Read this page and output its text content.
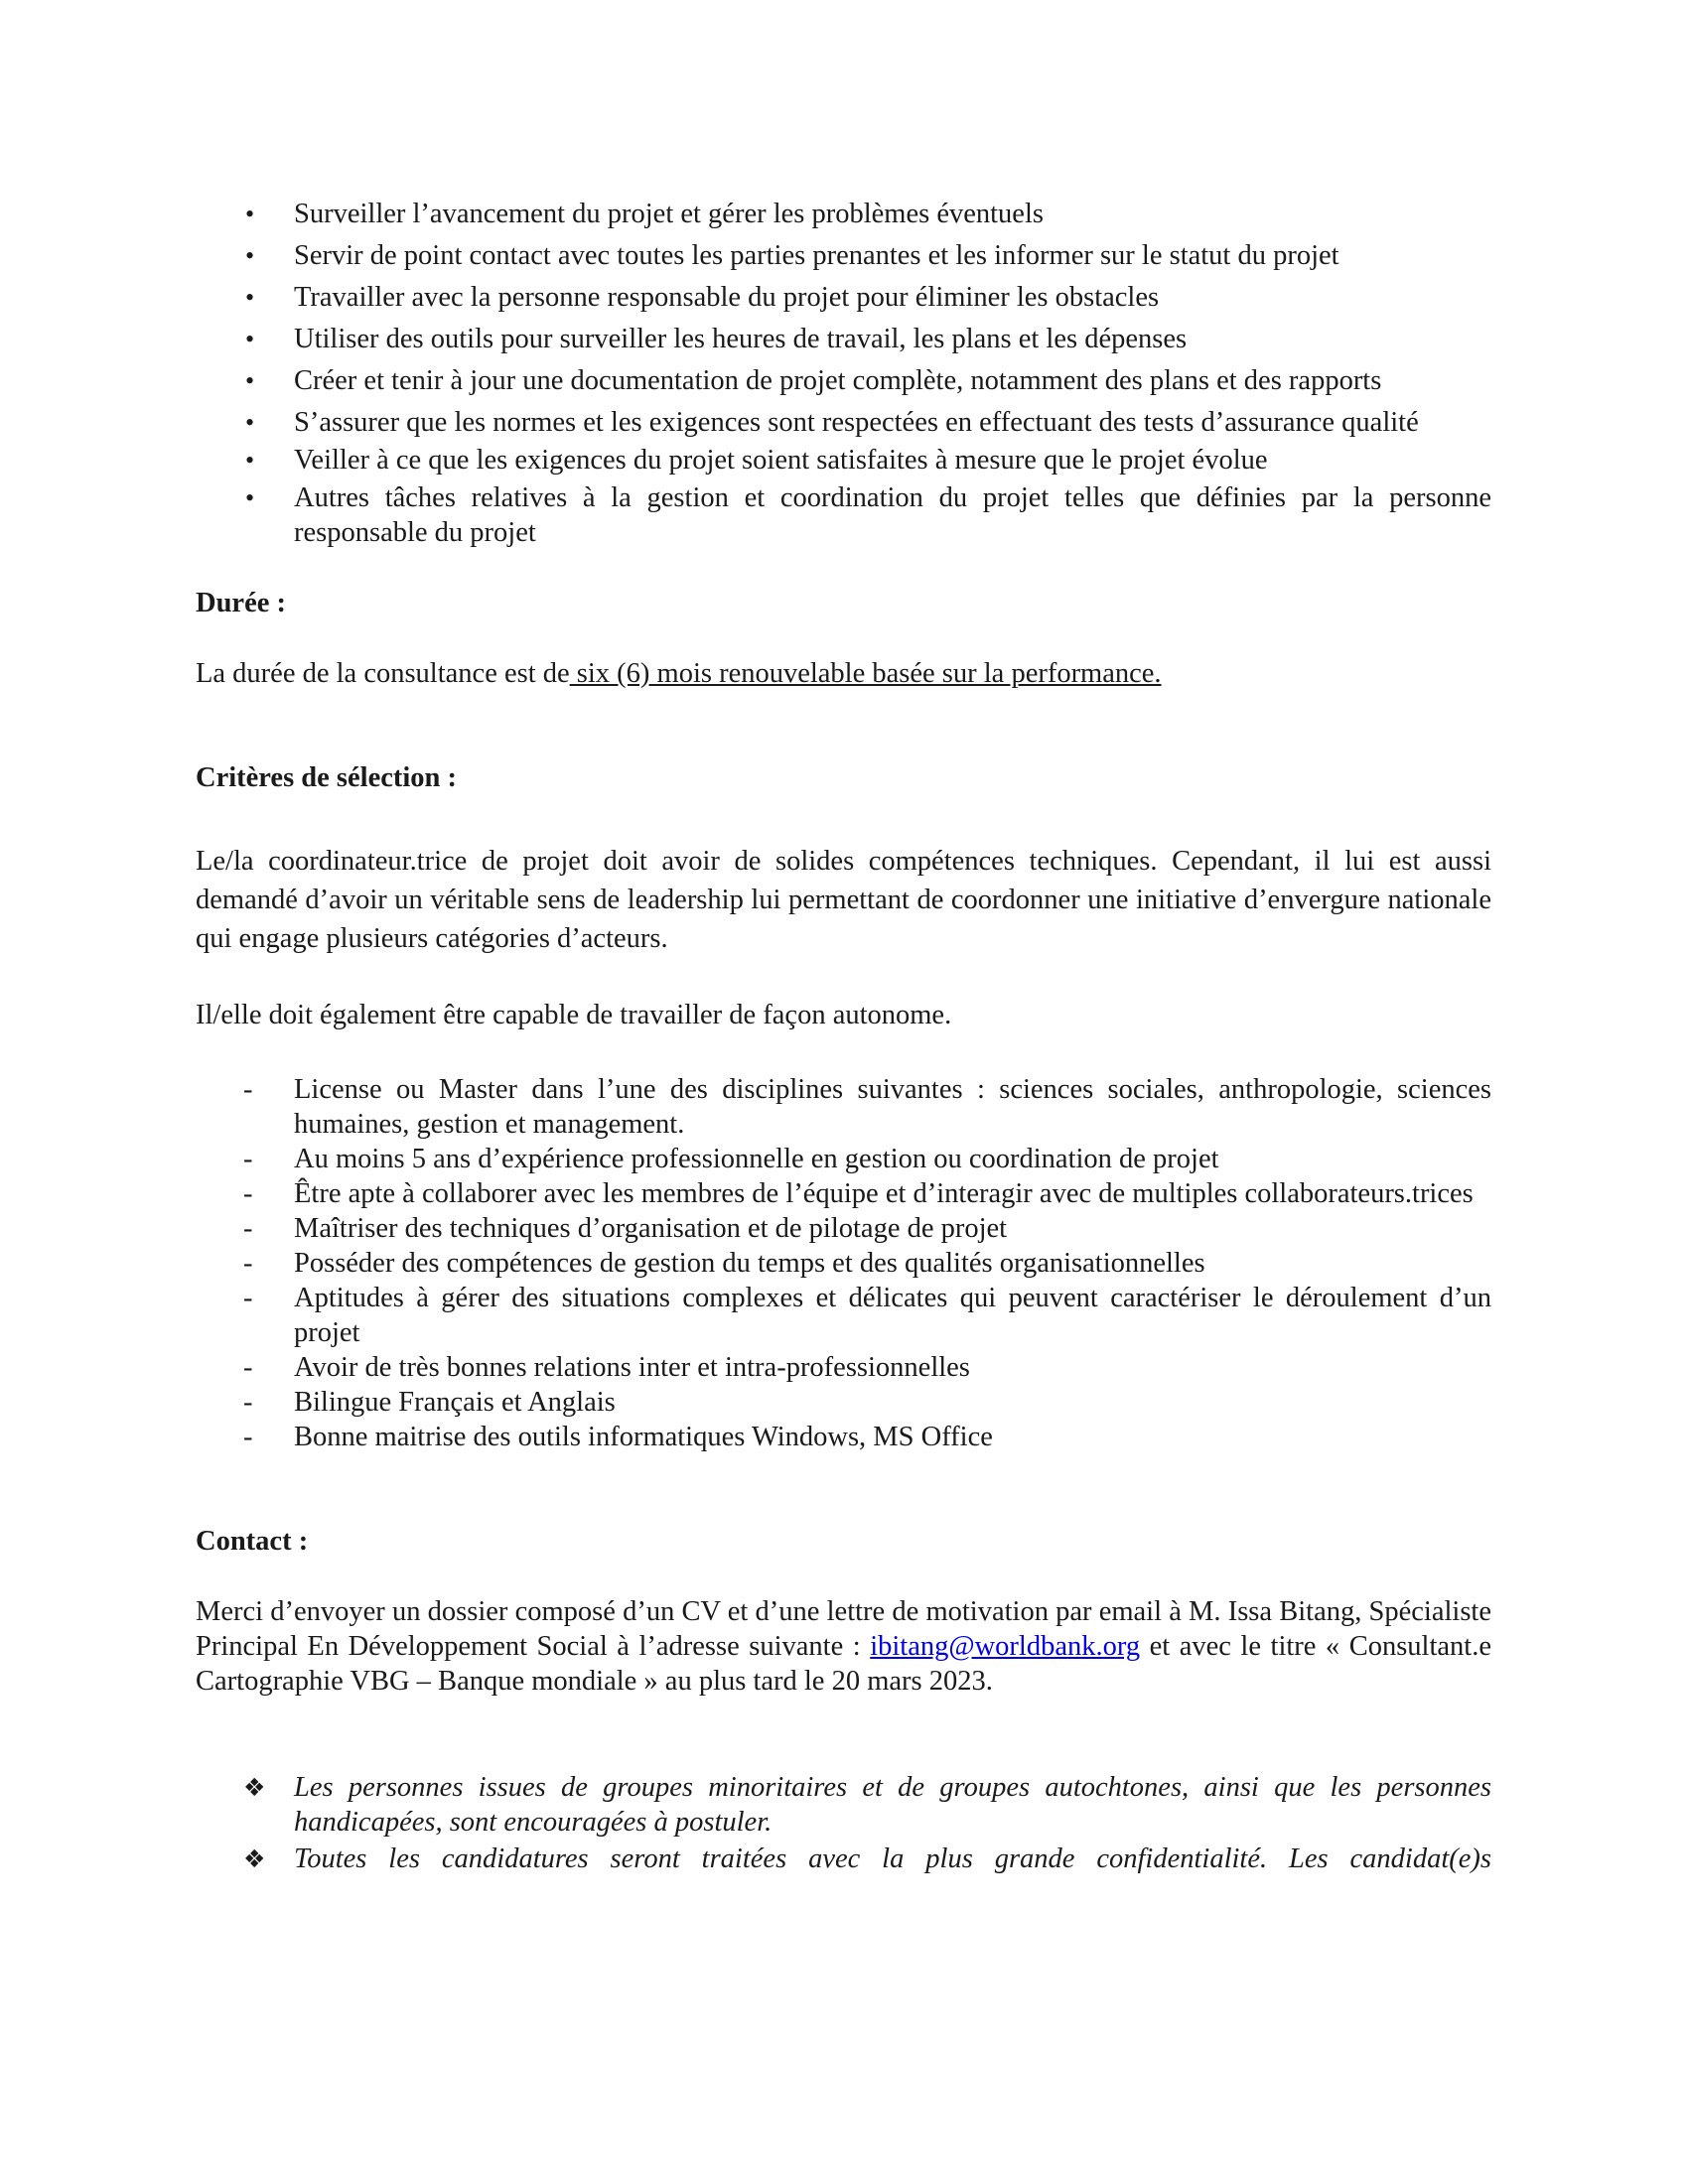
• Surveiller l’avancement du projet et gérer les problèmes éventuels
• Servir de point contact avec toutes les parties prenantes et les informer sur le statut du projet
• Travailler avec la personne responsable du projet pour éliminer les obstacles
• Utiliser des outils pour surveiller les heures de travail, les plans et les dépenses
• Créer et tenir à jour une documentation de projet complète, notamment des plans et des rapports
• S’assurer que les normes et les exigences sont respectées en effectuant des tests d’assurance qualité
• Veiller à ce que les exigences du projet soient satisfaites à mesure que le projet évolue
• Autres tâches relatives à la gestion et coordination du projet telles que définies par la personne responsable du projet

Durée :

La durée de la consultance est de six (6) mois renouvelable basée sur la performance.

Critères de sélection :

Le/la coordinateur.trice de projet doit avoir de solides compétences techniques. Cependant, il lui est aussi demandé d’avoir un véritable sens de leadership lui permettant de coordonner une initiative d’envergure nationale qui engage plusieurs catégories d’acteurs.

Il/elle doit également être capable de travailler de façon autonome.

- License ou Master dans l’une des disciplines suivantes : sciences sociales, anthropologie, sciences humaines, gestion et management.
- Au moins 5 ans d’expérience professionnelle en gestion ou coordination de projet
- Être apte à collaborer avec les membres de l’équipe et d’interagir avec de multiples collaborateurs.trices
- Maîtriser des techniques d’organisation et de pilotage de projet
- Posséder des compétences de gestion du temps et des qualités organisationnelles
- Aptitudes à gérer des situations complexes et délicates qui peuvent caractériser le déroulement d’un projet
- Avoir de très bonnes relations inter et intra-professionnelles
- Bilingue Français et Anglais
- Bonne maitrise des outils informatiques Windows, MS Office

Contact :

Merci d’envoyer un dossier composé d’un CV et d’une lettre de motivation par email à M. Issa Bitang, Spécialiste Principal En Développement Social à l’adresse suivante : ibitang@worldbank.org et avec le titre « Consultant.e Cartographie VBG – Banque mondiale » au plus tard le 20 mars 2023.

❖ Les personnes issues de groupes minoritaires et de groupes autochtones, ainsi que les personnes handicapées, sont encouragées à postuler.
❖ Toutes les candidatures seront traitées avec la plus grande confidentialité. Les candidat(e)s
